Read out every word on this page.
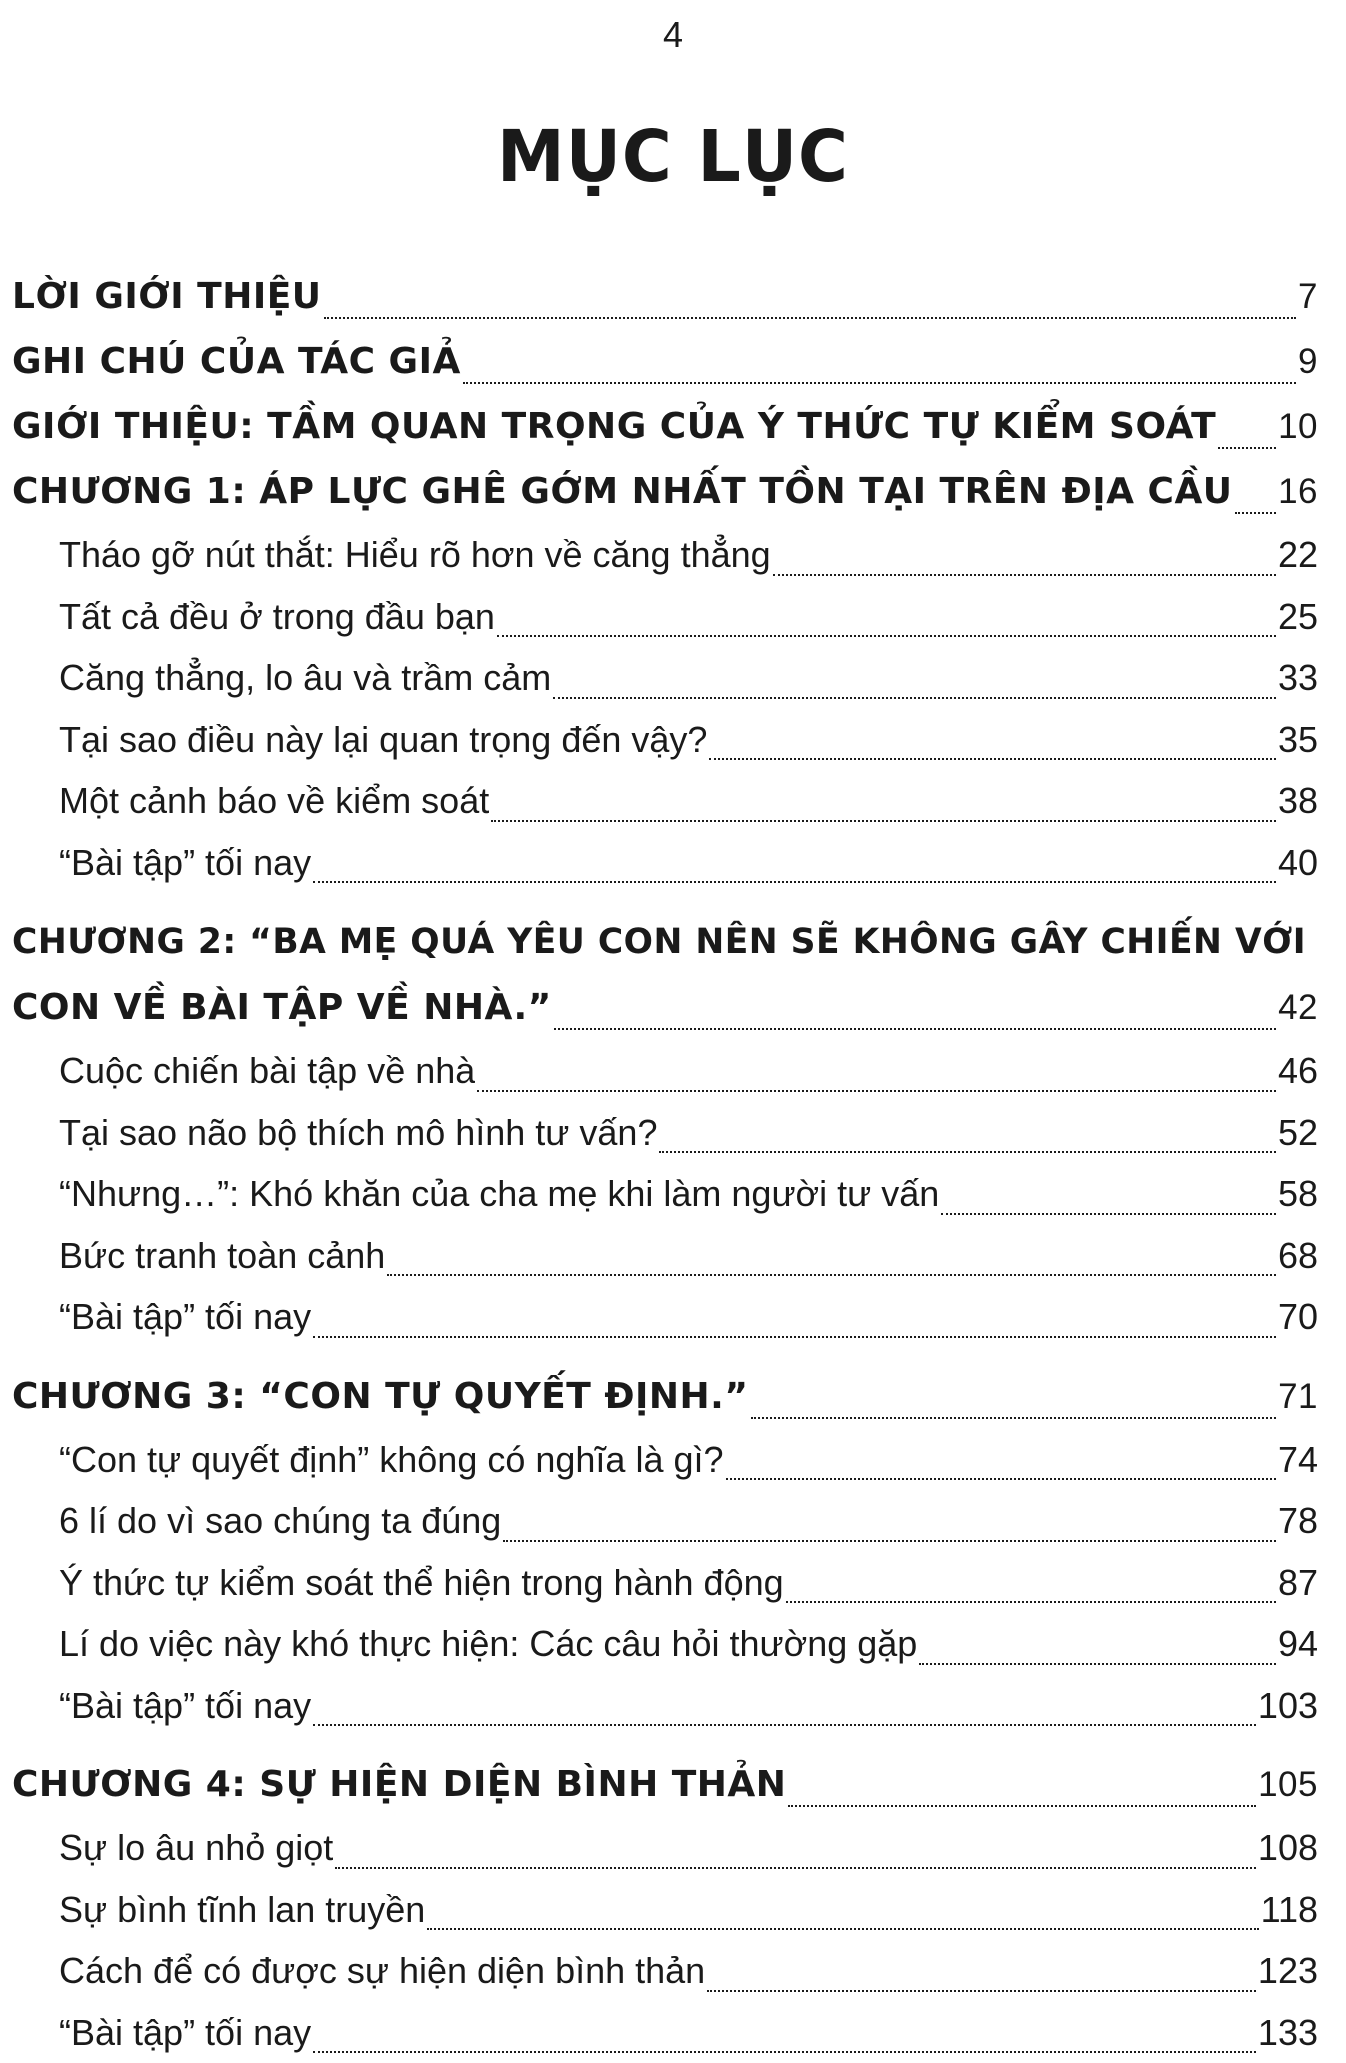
4
MỤC LỤC
LỜI GIỚI THIỆU	7
GHI CHÚ CỦA TÁC GIẢ	9
GIỚI THIỆU: TẦM QUAN TRỌNG CỦA Ý THỨC TỰ KIỂM SOÁT 10
CHƯƠNG 1: ÁP LỰC GHÊ GỚM NHẤT TỒN TẠI TRÊN ĐỊA CẦU 16
Tháo gỡ nút thắt: Hiểu rõ hơn về căng thẳng	22
Tất cả đều ở trong đầu bạn	25
Căng thẳng, lo âu và trầm cảm	33
Tại sao điều này lại quan trọng đến vậy?	35
Một cảnh báo về kiểm soát	38
“Bài tập” tối nay	40
CHƯƠNG 2: “BA MẸ QUÁ YÊU CON NÊN SẼ KHÔNG GÂY CHIẾN VỚI
CON VỀ BÀI TẬP VỀ NHÀ.”	42
Cuộc chiến bài tập về nhà	46
Tại sao não bộ thích mô hình tư vấn?	52
“Nhưng…”: Khó khăn của cha mẹ khi làm người tư vấn	58
Bức tranh toàn cảnh	68
“Bài tập” tối nay	70
CHƯƠNG 3: “CON TỰ QUYẾT ĐỊNH.”	71
“Con tự quyết định” không có nghĩa là gì?	74
6 lí do vì sao chúng ta đúng	78
Ý thức tự kiểm soát thể hiện trong hành động	87
Lí do việc này khó thực hiện: Các câu hỏi thường gặp	94
“Bài tập” tối nay	103
CHƯƠNG 4: SỰ HIỆN DIỆN BÌNH THẢN	105
Sự lo âu nhỏ giọt	108
Sự bình tĩnh lan truyền	118
Cách để có được sự hiện diện bình thản	123
“Bài tập” tối nay	133
